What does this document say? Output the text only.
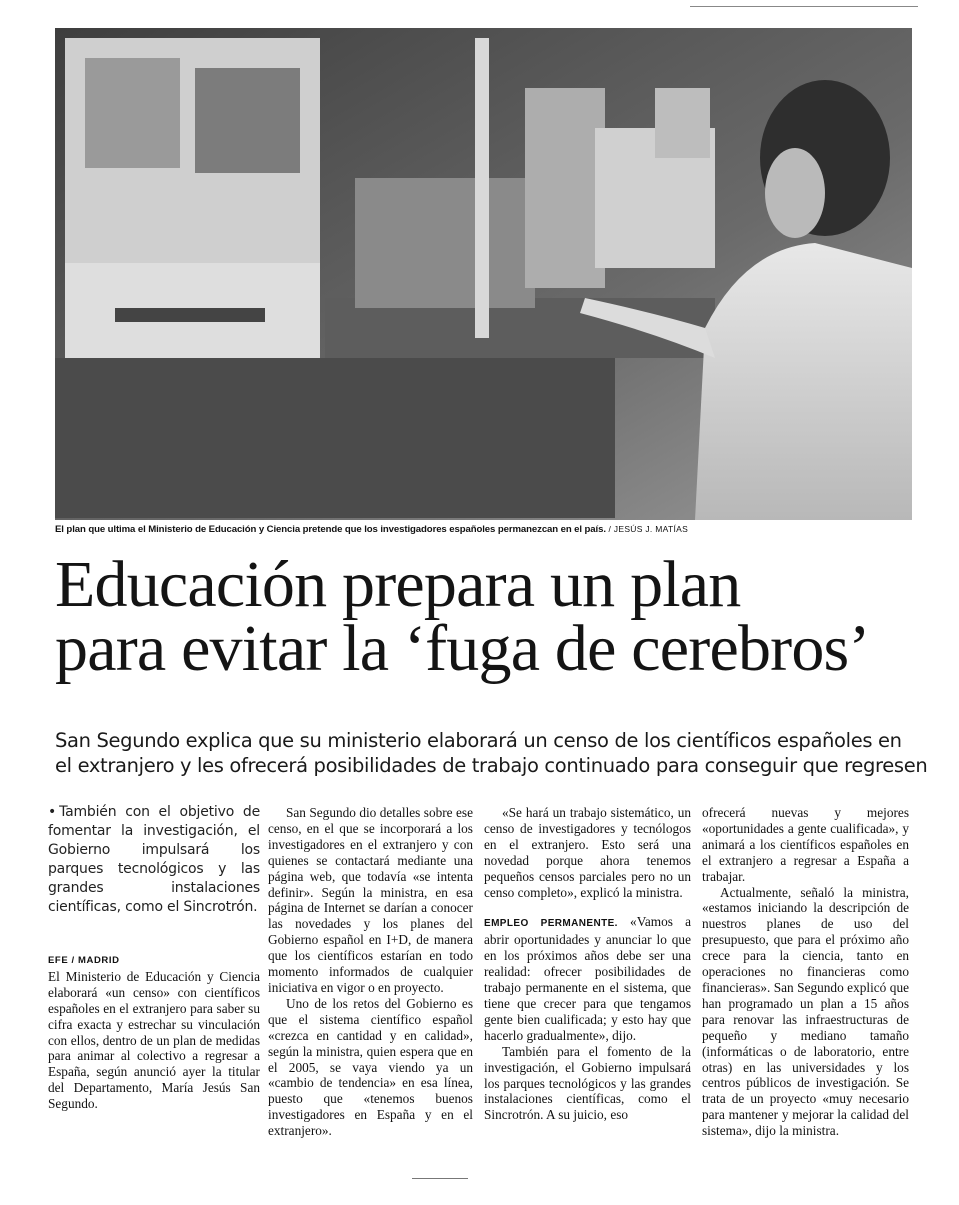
El plan que ultima el Ministerio de Educación y Ciencia pretende que los investigadores españoles permanezcan en el país. / JESÚS J. MATÍAS
Educación prepara un plan
para evitar la ‘fuga de cerebros’
San Segundo explica que su ministerio elaborará un censo de los científicos españoles en
el extranjero y les ofrecerá posibilidades de trabajo continuado para conseguir que regresen

• También con el objetivo de fomentar la investigación, el Gobierno impulsará los parques tecnológicos y las grandes instalaciones científicas, como el Sincrotrón.

EFE / MADRID

El Ministerio de Educación y Ciencia elaborará «un censo» con científicos españoles en el extranjero para saber su cifra exacta y estrechar su vinculación con ellos, dentro de un plan de medidas para animar al colectivo a regresar a España, según anunció ayer la titular del Departamento, María Jesús San Segundo.

San Segundo dio detalles sobre ese censo, en el que se incorporará a los investigadores en el extranjero y con quienes se contactará mediante una página web, que todavía «se intenta definir». Según la ministra, en esa página de Internet se darían a conocer las novedades y los planes del Gobierno español en I+D, de manera que los científicos estarían en todo momento informados de cualquier iniciativa en vigor o en proyecto.

Uno de los retos del Gobierno es que el sistema científico español «crezca en cantidad y en calidad», según la ministra, quien espera que en el 2005, se vaya viendo ya un «cambio de tendencia» en esa línea, puesto que «tenemos buenos investigadores en España y en el extranjero».

«Se hará un trabajo sistemático, un censo de investigadores y tecnólogos en el extranjero. Esto será una novedad porque ahora tenemos pequeños censos parciales pero no un censo completo», explicó la ministra.

EMPLEO PERMANENTE. «Vamos a abrir oportunidades y anunciar lo que en los próximos años debe ser una realidad: ofrecer posibilidades de trabajo permanente en el sistema, que tiene que crecer para que tengamos gente bien cualificada; y esto hay que hacerlo gradualmente», dijo.

También para el fomento de la investigación, el Gobierno impulsará los parques tecnológicos y las grandes instalaciones científicas, como el Sincrotrón. A su juicio, eso

ofrecerá nuevas y mejores «oportunidades a gente cualificada», y animará a los científicos españoles en el extranjero a regresar a España a trabajar.

Actualmente, señaló la ministra, «estamos iniciando la descripción de nuestros planes de uso del presupuesto, que para el próximo año crece para la ciencia, tanto en operaciones no financieras como financieras». San Segundo explicó que han programado un plan a 15 años para renovar las infraestructuras de pequeño y mediano tamaño (informáticas o de laboratorio, entre otras) en las universidades y los centros públicos de investigación. Se trata de un proyecto «muy necesario para mantener y mejorar la calidad del sistema», dijo la ministra.
